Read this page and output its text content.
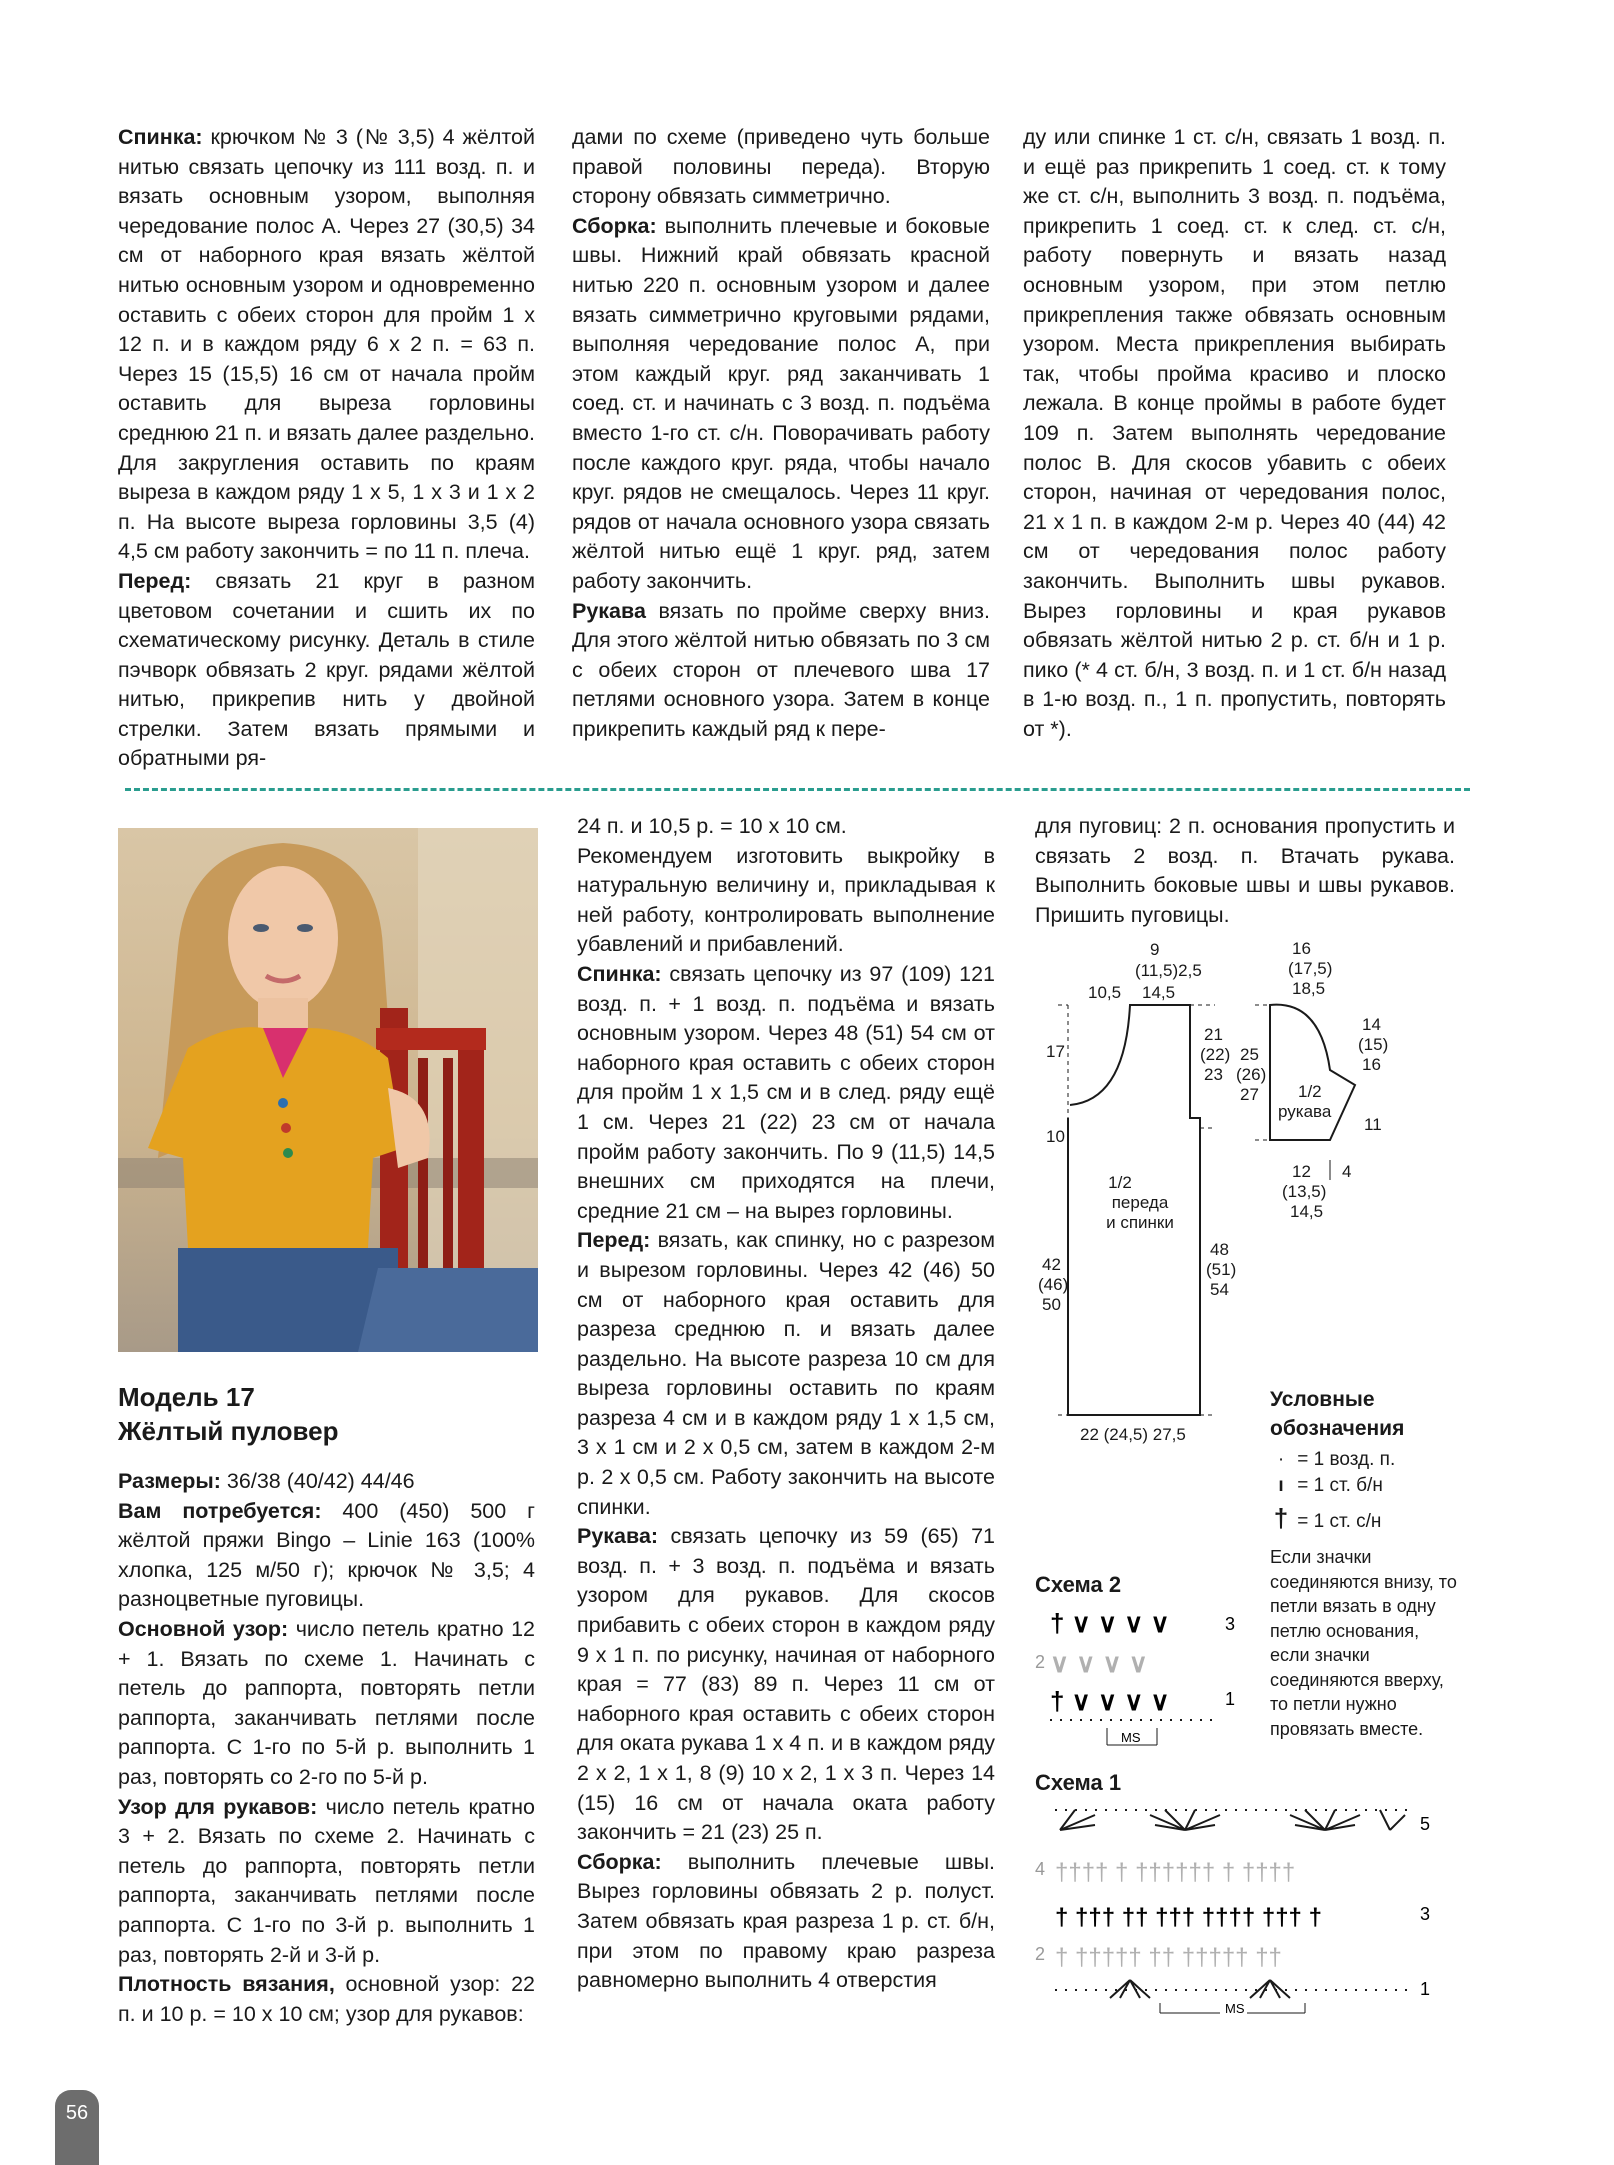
Спинка: крючком № 3 (№ 3,5) 4 жёлтой нитью связать цепочку из 111 возд. п. и вязать основным узором, выполняя чередование полос А. Через 27 (30,5) 34 см от наборного края вязать жёлтой нитью основным узором и одновременно оставить с обеих сторон для пройм 1 х 12 п. и в каждом ряду 6 х 2 п. = 63 п. Через 15 (15,5) 16 см от начала пройм оставить для выреза горловины среднюю 21 п. и вязать далее раздельно. Для закругления оставить по краям выреза в каждом ряду 1 х 5, 1 х 3 и 1 х 2 п. На высоте выреза горловины 3,5 (4) 4,5 см работу закончить = по 11 п. плеча.

Перед: связать 21 круг в разном цветовом сочетании и сшить их по схематическому рисунку. Деталь в стиле пэчворк обвязать 2 круг. рядами жёлтой нитью, прикрепив нить у двойной стрелки. Затем вязать прямыми и обратными ря-

дами по схеме (приведено чуть больше правой половины переда). Вторую сторону обвязать симметрично.

Сборка: выполнить плечевые и боковые швы. Нижний край обвязать красной нитью 220 п. основным узором и далее вязать симметрично круговыми рядами, выполняя чередование полос А, при этом каждый круг. ряд заканчивать 1 соед. ст. и начинать с 3 возд. п. подъёма вместо 1-го ст. с/н. Поворачивать работу после каждого круг. ряда, чтобы начало круг. рядов не смещалось. Через 11 круг. рядов от начала основного узора связать жёлтой нитью ещё 1 круг. ряд, затем работу закончить.

Рукава вязать по пройме сверху вниз. Для этого жёлтой нитью обвязать по 3 см с обеих сторон от плечевого шва 17 петлями основного узора. Затем в конце прикрепить каждый ряд к пере-

ду или спинке 1 ст. с/н, связать 1 возд. п. и ещё раз прикрепить 1 соед. ст. к тому же ст. с/н, выполнить 3 возд. п. подъёма, прикрепить 1 соед. ст. к след. ст. с/н, работу повернуть и вязать назад основным узором, при этом петлю прикрепления также обвязать основным узором. Места прикрепления выбирать так, чтобы пройма красиво и плоско лежала. В конце проймы в работе будет 109 п. Затем выполнять чередование полос В. Для скосов убавить с обеих сторон, начиная от чередования полос, 21 х 1 п. в каждом 2-м р. Через 40 (44) 42 см от чередования полос работу закончить. Выполнить швы рукавов. Вырез горловины и края рукавов обвязать жёлтой нитью 2 р. ст. б/н и 1 р. пико (* 4 ст. б/н, 3 возд. п. и 1 ст. б/н назад в 1-ю возд. п., 1 п. пропустить, повторять от *).

Модель 17
Жёлтый пуловер

Размеры: 36/38 (40/42) 44/46

Вам потребуется: 400 (450) 500 г жёлтой пряжи Bingo – Linie 163 (100% хлопка, 125 м/50 г); крючок № 3,5; 4 разноцветные пуговицы.

Основной узор: число петель кратно 12 + 1. Вязать по схеме 1. Начинать с петель до раппорта, повторять петли раппорта, заканчивать петлями после раппорта. С 1-го по 5-й р. выполнить 1 раз, повторять со 2-го по 5-й р.

Узор для рукавов: число петель кратно 3 + 2. Вязать по схеме 2. Начинать с петель до раппорта, повторять петли раппорта, заканчивать петлями после раппорта. С 1-го по 3-й р. выполнить 1 раз, повторять 2-й и 3-й р.

Плотность вязания, основной узор: 22 п. и 10 р. = 10 х 10 см; узор для рукавов:

24 п. и 10,5 р. = 10 х 10 см.

Рекомендуем изготовить выкройку в натуральную величину и, прикладывая к ней работу, контролировать выполнение убавлений и прибавлений.

Спинка: связать цепочку из 97 (109) 121 возд. п. + 1 возд. п. подъёма и вязать основным узором. Через 48 (51) 54 см от наборного края оставить с обеих сторон для пройм 1 х 1,5 см и в след. ряду ещё 1 см. Через 21 (22) 23 см от начала пройм работу закончить. По 9 (11,5) 14,5 внешних см приходятся на плечи, средние 21 см – на вырез горловины.

Перед: вязать, как спинку, но с разрезом и вырезом горловины. Через 42 (46) 50 см от наборного края оставить для разреза среднюю п. и вязать далее раздельно. На высоте разреза 10 см для выреза горловины оставить по краям разреза 4 см и в каждом ряду 1 х 1,5 см, 3 х 1 см и 2 х 0,5 см, затем в каждом 2-м р. 2 х 0,5 см. Работу закончить на высоте спинки.

Рукава: связать цепочку из 59 (65) 71 возд. п. + 3 возд. п. подъёма и вязать узором для рукавов. Для скосов прибавить с обеих сторон в каждом ряду 9 х 1 п. по рисунку, начиная от наборного края = 77 (83) 89 п. Через 11 см от наборного края оставить с обеих сторон для оката рукава 1 х 4 п. и в каждом ряду 2 х 2, 1 х 1, 8 (9) 10 х 2, 1 х 3 п. Через 14 (15) 16 см от начала оката работу закончить = 21 (23) 25 п.

Сборка: выполнить плечевые швы. Вырез горловины обвязать 2 р. полуст. Затем обвязать края разреза 1 р. ст. б/н, при этом по правому краю разреза равномерно выполнить 4 отверстия

для пуговиц: 2 п. основания пропустить и связать 2 возд. п. Втачать рукава. Выполнить боковые швы и швы рукавов. Пришить пуговицы.

10,5
9
(11,5)2,5
14,5
17
10
21
(22)
23
1/2
переда
и спинки
42
(46)
50
48
(51)
54
22 (24,5) 27,5
16
(17,5)
18,5
14
(15)
16
25
(26)
27 1/2
рукава
11
12
(13,5)
14,5
4
Условные
обозначения
· = 1 возд. п.
ı = 1 ст. б/н
† = 1 ст. с/н
Если значки соединяются внизу, то петли вязать в одну петлю основания, если значки соединяются вверху, то петли нужно провязать вместе.
Схема 2
† ∨ ∨ ∨ ∨
∨ ∨ ∨ ∨
† ∨ ∨ ∨ ∨
3
2
1
MS
Схема 1
†††† † †††††† † ††††
† ††† †† ††† †††† ††† †
† ††††† †† ††††† ††
5
4
3
2
1
MS
56
